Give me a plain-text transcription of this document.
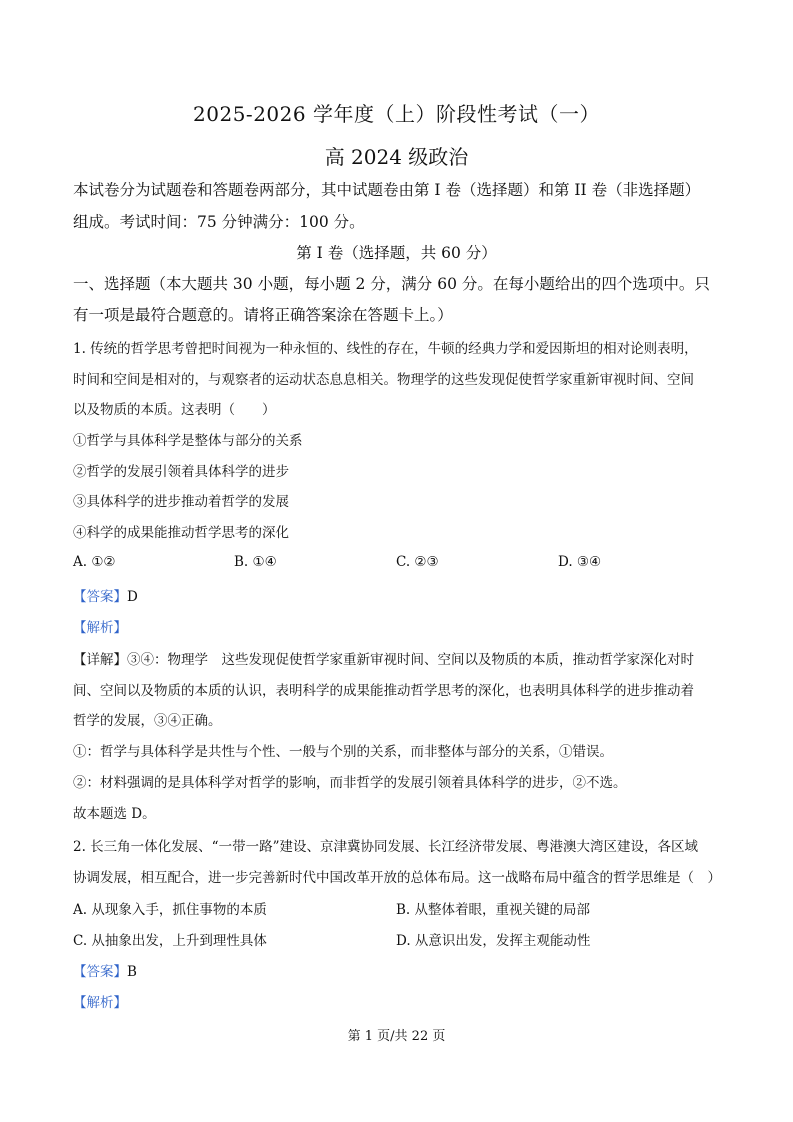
2025-2026 学年度（上）阶段性考试（一）
高 2024 级政治
本试卷分为试题卷和答题卷两部分，其中试题卷由第 I 卷（选择题）和第 II 卷（非选择题）
组成。考试时间：75 分钟满分：100 分。
第 I 卷（选择题，共 60 分）
一、选择题（本大题共 30 小题，每小题 2 分，满分 60 分。在每小题给出的四个选项中。只
有一项是最符合题意的。请将正确答案涂在答题卡上。）
1. 传统的哲学思考曾把时间视为一种永恒的、线性的存在，牛顿的经典力学和爱因斯坦的相对论则表明，
时间和空间是相对的，与观察者的运动状态息息相关。物理学的这些发现促使哲学家重新审视时间、空间
以及物质的本质。这表明（　　）
①哲学与具体科学是整体与部分的关系
②哲学的发展引领着具体科学的进步
③具体科学的进步推动着哲学的发展
④科学的成果能推动哲学思考的深化
A. ①②	B. ①④	C. ②③	D. ③④
【答案】D
【解析】
【详解】③④：物理学　这些发现促使哲学家重新审视时间、空间以及物质的本质，推动哲学家深化对时
间、空间以及物质的本质的认识，表明科学的成果能推动哲学思考的深化，也表明具体科学的进步推动着
哲学的发展，③④正确。
①：哲学与具体科学是共性与个性、一般与个别的关系，而非整体与部分的关系，①错误。
②：材料强调的是具体科学对哲学的影响，而非哲学的发展引领着具体科学的进步，②不选。
故本题选 D。
2. 长三角一体化发展、“一带一路”建设、京津冀协同发展、长江经济带发展、粤港澳大湾区建设，各区域
协调发展，相互配合，进一步完善新时代中国改革开放的总体布局。这一战略布局中蕴含的哲学思维是（　）
A. 从现象入手，抓住事物的本质	B. 从整体着眼，重视关键的局部
C. 从抽象出发，上升到理性具体	D. 从意识出发，发挥主观能动性
【答案】B
【解析】
第 1 页/共 22 页
